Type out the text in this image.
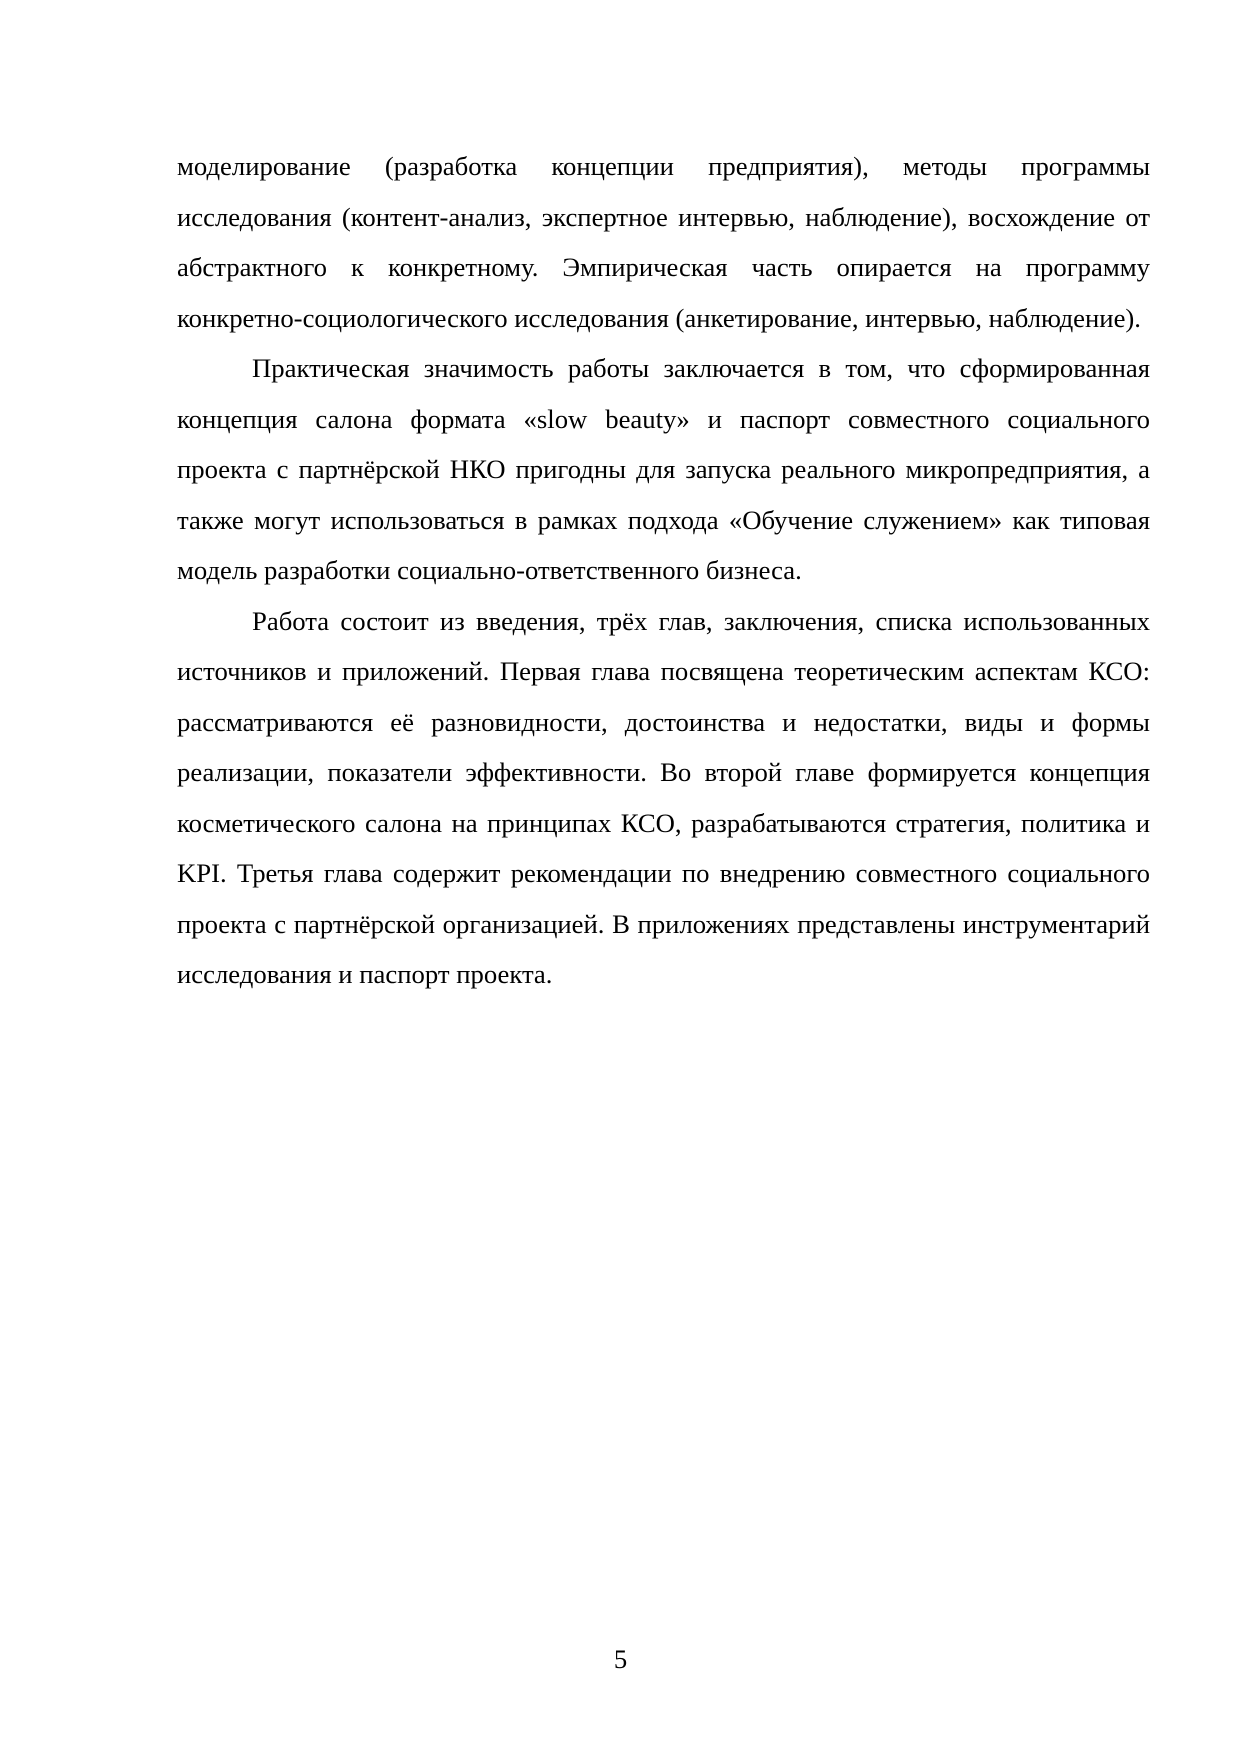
моделирование (разработка концепции предприятия), методы программы исследования (контент-анализ, экспертное интервью, наблюдение), восхождение от абстрактного к конкретному. Эмпирическая часть опирается на программу конкретно-социологического исследования (анкетирование, интервью, наблюдение).

Практическая значимость работы заключается в том, что сформированная концепция салона формата «slow beauty» и паспорт совместного социального проекта с партнёрской НКО пригодны для запуска реального микропредприятия, а также могут использоваться в рамках подхода «Обучение служением» как типовая модель разработки социально-ответственного бизнеса.

Работа состоит из введения, трёх глав, заключения, списка использованных источников и приложений. Первая глава посвящена теоретическим аспектам КСО: рассматриваются её разновидности, достоинства и недостатки, виды и формы реализации, показатели эффективности. Во второй главе формируется концепция косметического салона на принципах КСО, разрабатываются стратегия, политика и KPI. Третья глава содержит рекомендации по внедрению совместного социального проекта с партнёрской организацией. В приложениях представлены инструментарий исследования и паспорт проекта.

5
